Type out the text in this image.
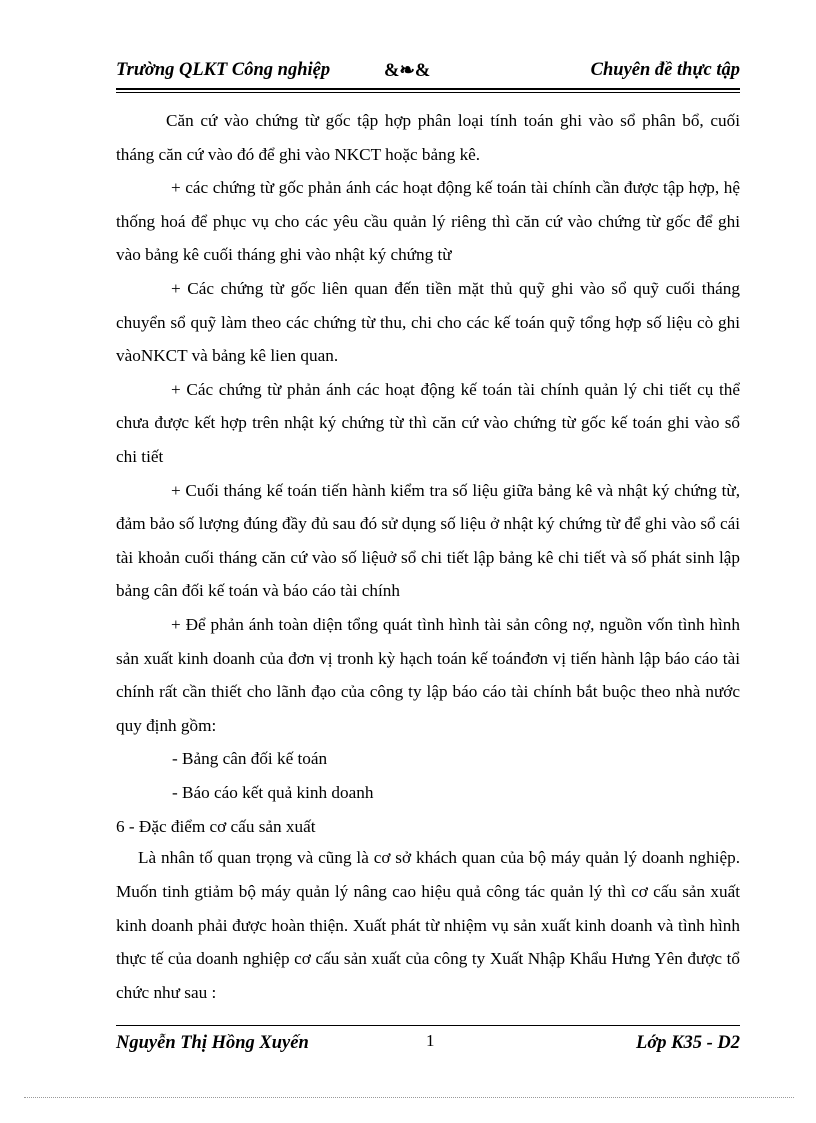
Trường QLKT Công nghiệp	&❧&	Chuyên đề thực tập

Căn cứ vào chứng từ gốc tập hợp phân loại tính toán ghi vào sổ phân bổ, cuối tháng căn cứ vào đó để ghi vào NKCT hoặc bảng kê.

+ các chứng từ gốc phản ánh các hoạt động kế toán tài chính cần được tập hợp, hệ thống hoá để phục vụ cho các yêu cầu quản lý riêng thì căn cứ vào chứng từ gốc để ghi vào bảng kê cuối tháng ghi vào nhật ký chứng từ

+ Các chứng từ gốc liên quan đến tiền mặt thủ quỹ ghi vào sổ quỹ cuối tháng chuyển sổ quỹ làm theo các chứng từ thu, chi cho các kế toán quỹ tổng hợp số liệu cò ghi vàoNKCT và bảng kê lien quan.

+ Các chứng từ phản ánh các hoạt động kế toán tài chính quản lý chi tiết cụ thể chưa được kết hợp trên nhật ký chứng từ thì căn cứ vào chứng từ gốc kế toán ghi vào sổ chi tiết

+ Cuối tháng kế toán tiến hành kiểm tra số liệu giữa bảng kê và nhật ký chứng từ, đảm bảo số lượng đúng đầy đủ sau đó sử dụng số liệu ở nhật ký chứng từ để ghi vào sổ cái tài khoản cuối tháng căn cứ vào số liệuở sổ chi tiết lập bảng kê chi tiết và số phát sinh lập bảng cân đối kế toán và báo cáo tài chính

+ Để phản ánh toàn diện tổng quát tình hình tài sản công nợ, nguồn vốn tình hình sản xuất kinh doanh của đơn vị tronh kỳ hạch toán kế toánđơn vị tiến hành lập báo cáo tài chính rất cần thiết cho lãnh đạo của công ty lập báo cáo tài chính bắt buộc theo nhà nước quy định gồm:

- Bảng cân đối kế toán

- Báo cáo kết quả kinh doanh

6 - Đặc điểm cơ cấu sản xuất

Là nhân tố quan trọng và cũng là cơ sở khách quan của bộ máy quản lý doanh nghiệp. Muốn tinh gtiảm bộ máy quản lý nâng cao hiệu quả công tác quản lý thì cơ cấu sản xuất kinh doanh phải được hoàn thiện. Xuất phát từ nhiệm vụ sản xuất kinh doanh và tình hình thực tế của doanh nghiệp cơ cấu sản xuất của công ty Xuất Nhập Khẩu Hưng Yên được tổ chức như sau :

Nguyễn Thị Hồng Xuyến	1	Lớp K35 - D2
